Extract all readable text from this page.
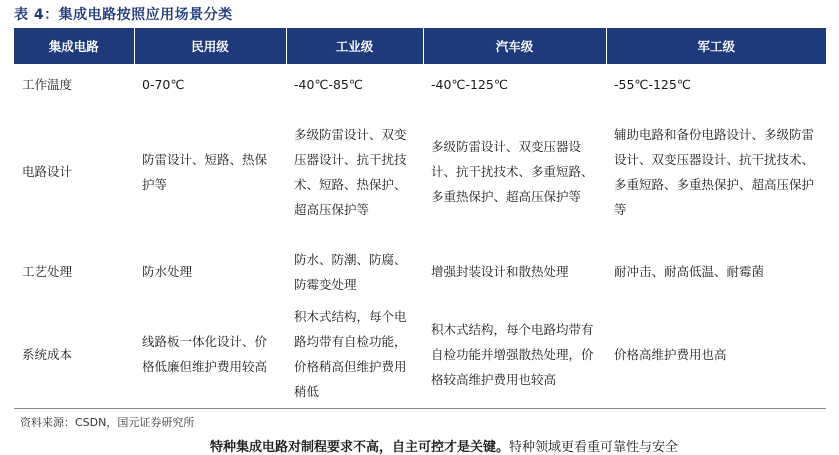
表 4：集成电路按照应用场景分类
集成电路	民用级	工业级	汽车级	军工级
工作温度	0-70℃	-40℃-85℃	-40℃-125℃	-55℃-125℃
电路设计	防雷设计、短路、热保护等	多级防雷设计、双变压器设计、抗干扰技术、短路、热保护、超高压保护等	多级防雷设计、双变压器设计、抗干扰技术、多重短路、多重热保护、超高压保护等	辅助电路和备份电路设计、多级防雷设计、双变压器设计、抗干扰技术、多重短路、多重热保护、超高压保护等
工艺处理	防水处理	防水、防潮、防腐、防霉变处理	增强封装设计和散热处理	耐冲击、耐高低温、耐霉菌
系统成本	线路板一体化设计、价格低廉但维护费用较高	积木式结构，每个电路均带有自检功能，价格稍高但维护费用稍低	积木式结构，每个电路均带有自检功能并增强散热处理，价格较高维护费用也较高	价格高维护费用也高
资料来源：CSDN，国元证券研究所
特种集成电路对制程要求不高，自主可控才是关键。特种领域更看重可靠性与安全
